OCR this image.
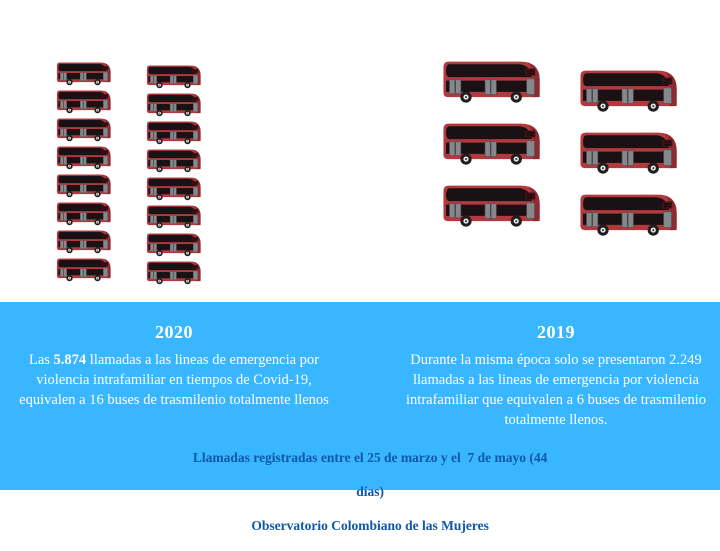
2020

Las 5.874 llamadas a las lineas de emergencia por
violencia intrafamiliar en tiempos de Covid-19,
equivalen a 16 buses de trasmilenio totalmente llenos

2019

Durante la misma época solo se presentaron 2.249
llamadas a las lineas de emergencia por violencia
intrafamiliar que equivalen a 6 buses de trasmilenio
totalmente llenos.

Llamadas registradas entre el 25 de marzo y el  7 de mayo (44

días)

Observatorio Colombiano de las Mujeres
